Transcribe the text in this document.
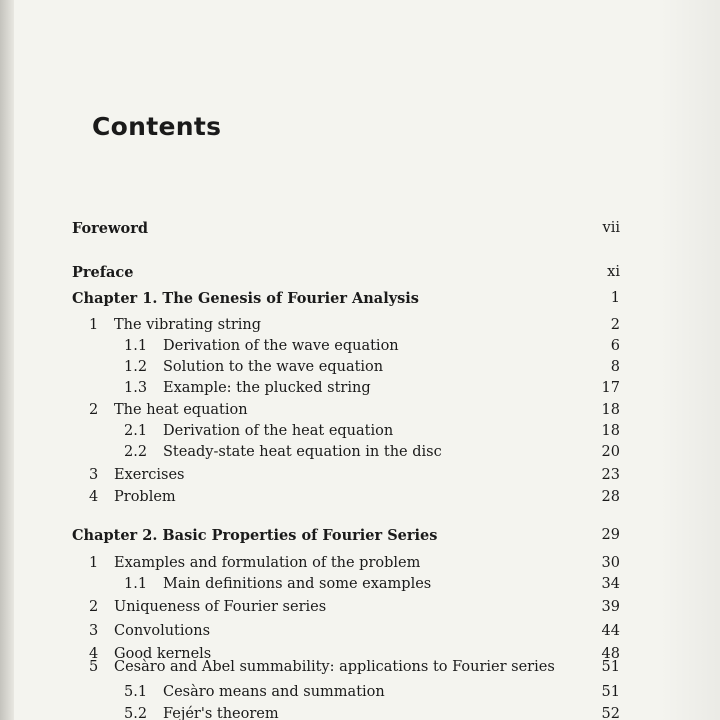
Contents
Foreword	vii
Preface	xi
Chapter 1. The Genesis of Fourier Analysis	1
1 The vibrating string	2
1.1 Derivation of the wave equation	6
1.2 Solution to the wave equation	8
1.3 Example: the plucked string	17
2 The heat equation	18
2.1 Derivation of the heat equation	18
2.2 Steady-state heat equation in the disc	20
3 Exercises	23
4 Problem	28
Chapter 2. Basic Properties of Fourier Series	29
1 Examples and formulation of the problem	30
1.1 Main definitions and some examples	34
2 Uniqueness of Fourier series	39
3 Convolutions	44
4 Good kernels	48
5 Cesàro and Abel summability: applications to Fourier series	51
5.1 Cesàro means and summation	51
5.2 Fejér's theorem	52
